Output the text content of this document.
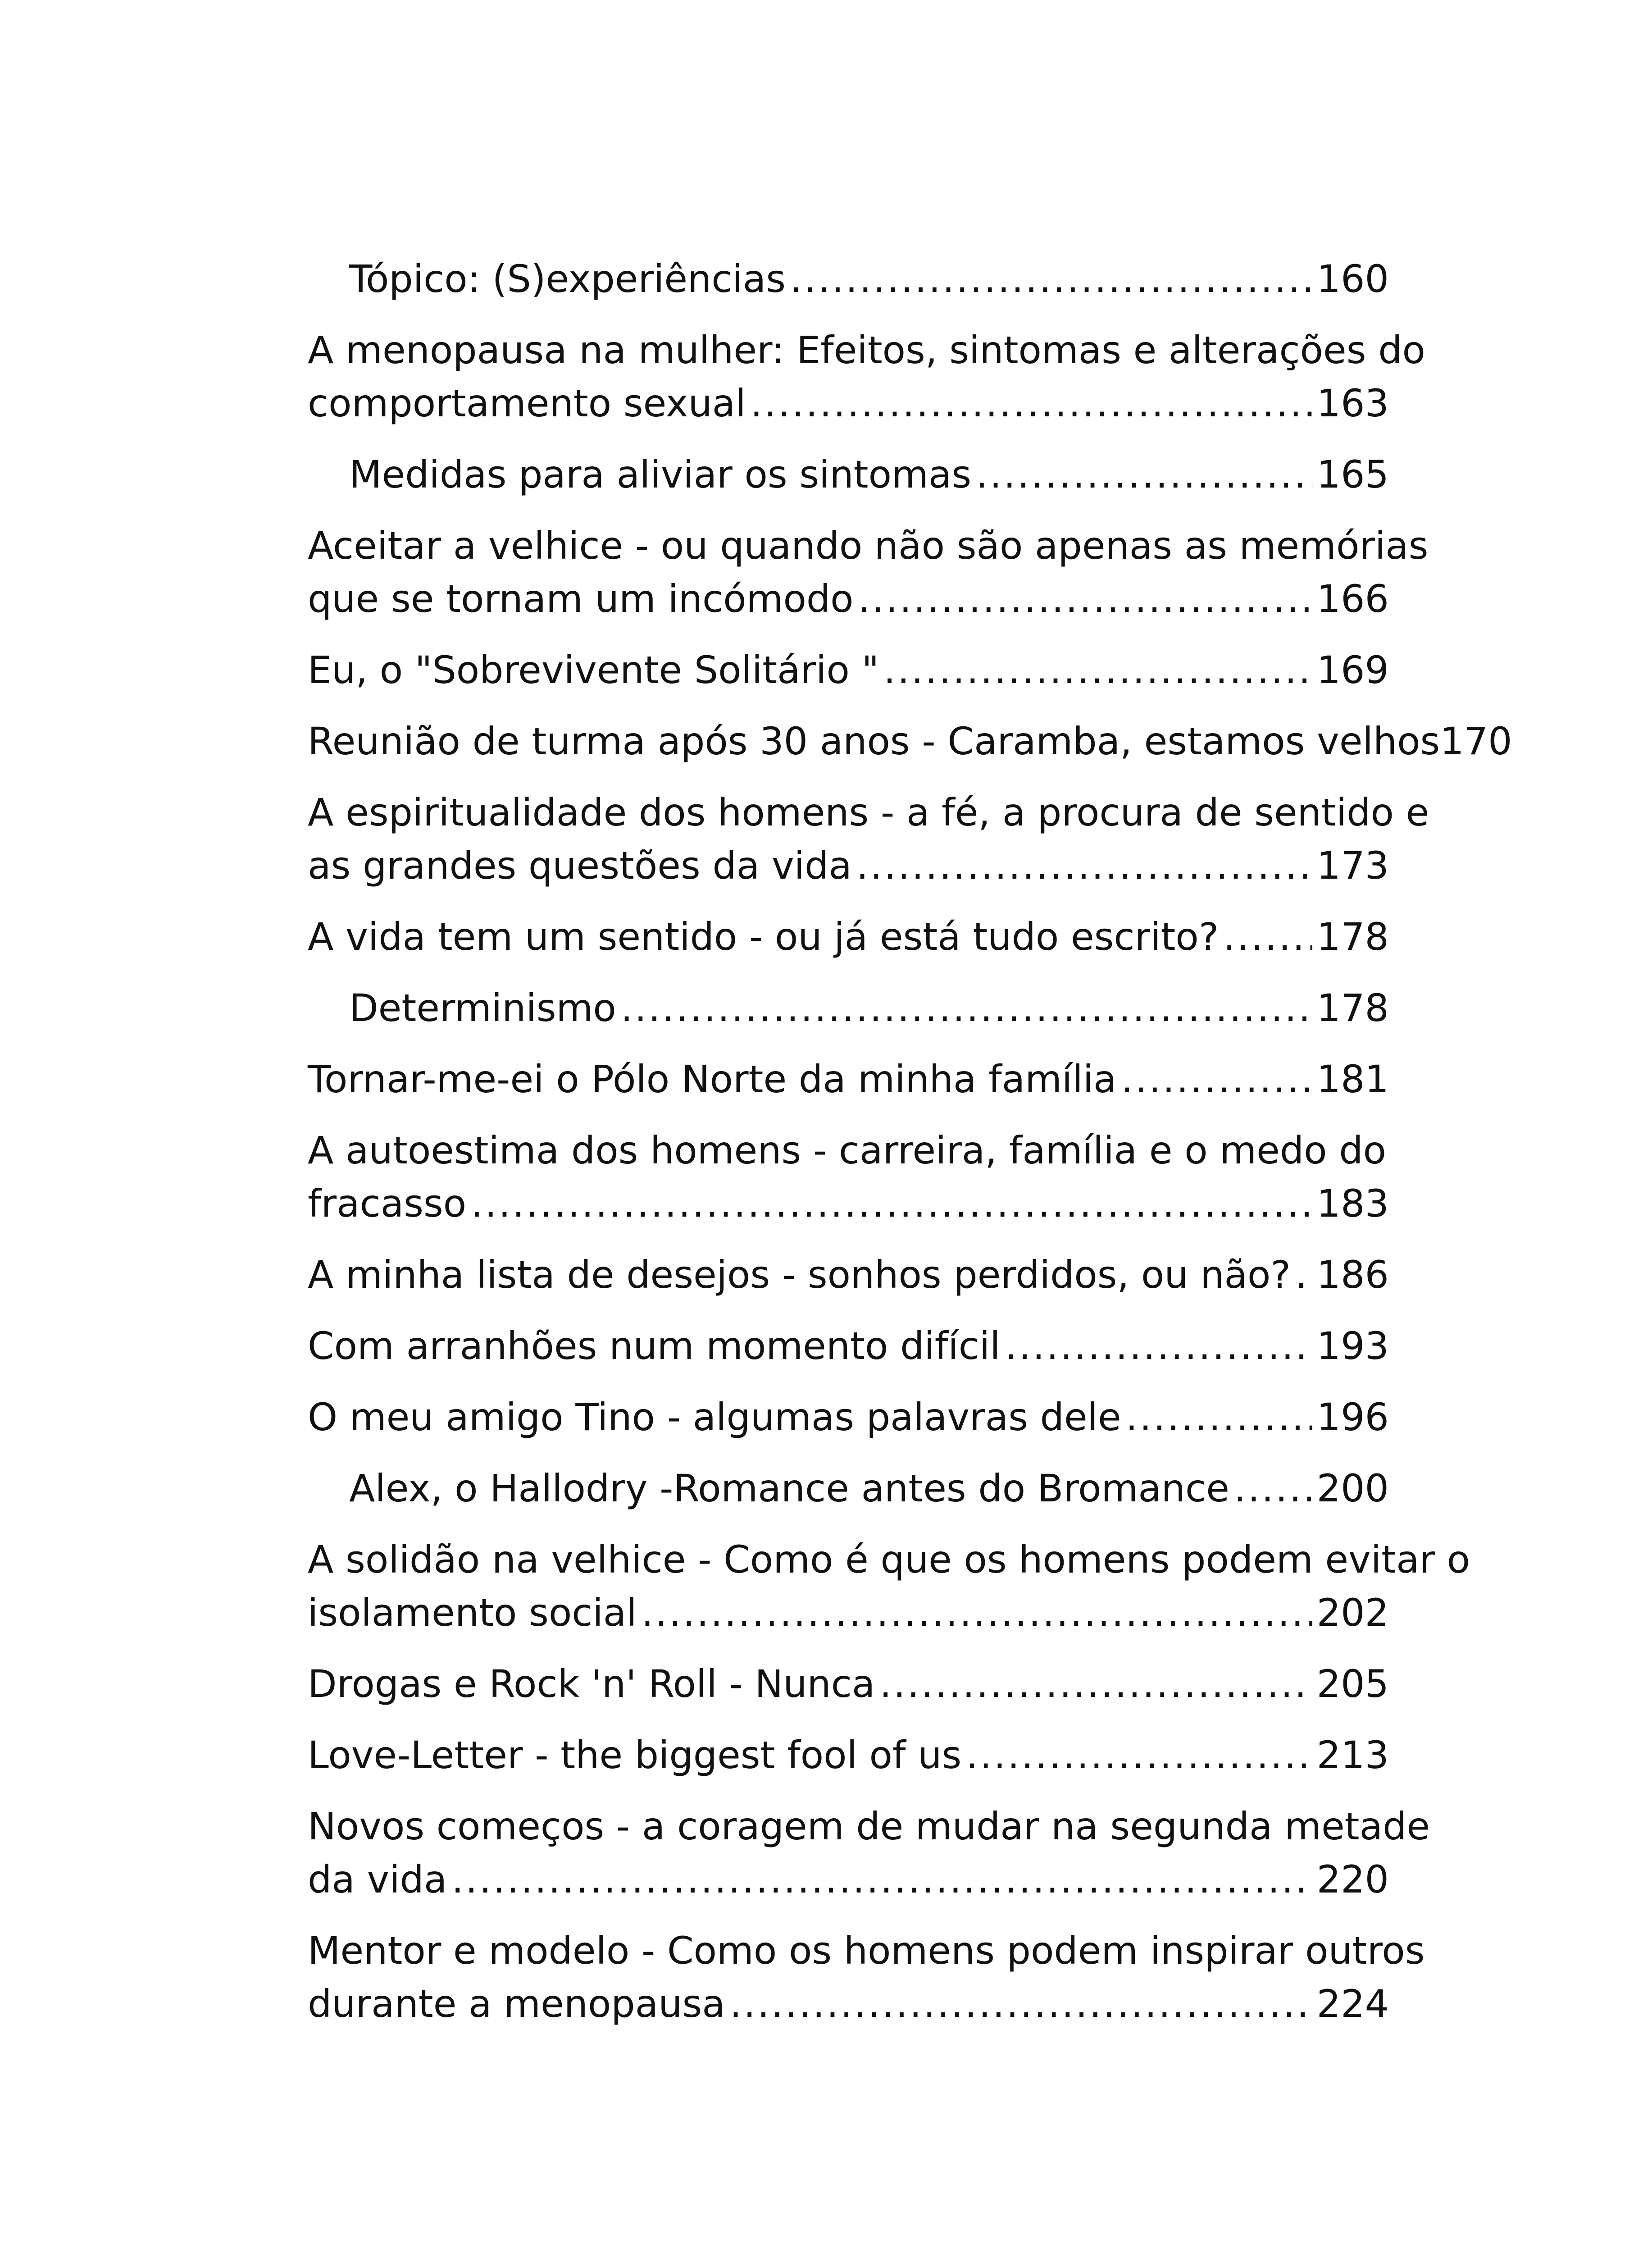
Tópico: (S)experiências .....	160
A menopausa na mulher: Efeitos, sintomas e alterações do
comportamento sexual .....	163
Medidas para aliviar os sintomas .....	165
Aceitar a velhice - ou quando não são apenas as memórias
que se tornam um incómodo .....	166
Eu, o "Sobrevivente Solitário " .....	169
Reunião de turma após 30 anos - Caramba, estamos velhos 170
A espiritualidade dos homens - a fé, a procura de sentido e
as grandes questões da vida .....	173
A vida tem um sentido - ou já está tudo escrito? .....	178
Determinismo .....	178
Tornar-me-ei o Pólo Norte da minha família .....	181
A autoestima dos homens - carreira, família e o medo do
fracasso .....	183
A minha lista de desejos - sonhos perdidos, ou não? ..... 186
Com arranhões num momento difícil .....	193
O meu amigo Tino - algumas palavras dele .....	196
Alex, o Hallodry -Romance antes do Bromance ..... 200
A solidão na velhice - Como é que os homens podem evitar o
isolamento social .....	202
Drogas e Rock 'n' Roll - Nunca .....	205
Love-Letter - the biggest fool of us .....	213
Novos começos - a coragem de mudar na segunda metade
da vida .....	220
Mentor e modelo - Como os homens podem inspirar outros
durante a menopausa .....	224
